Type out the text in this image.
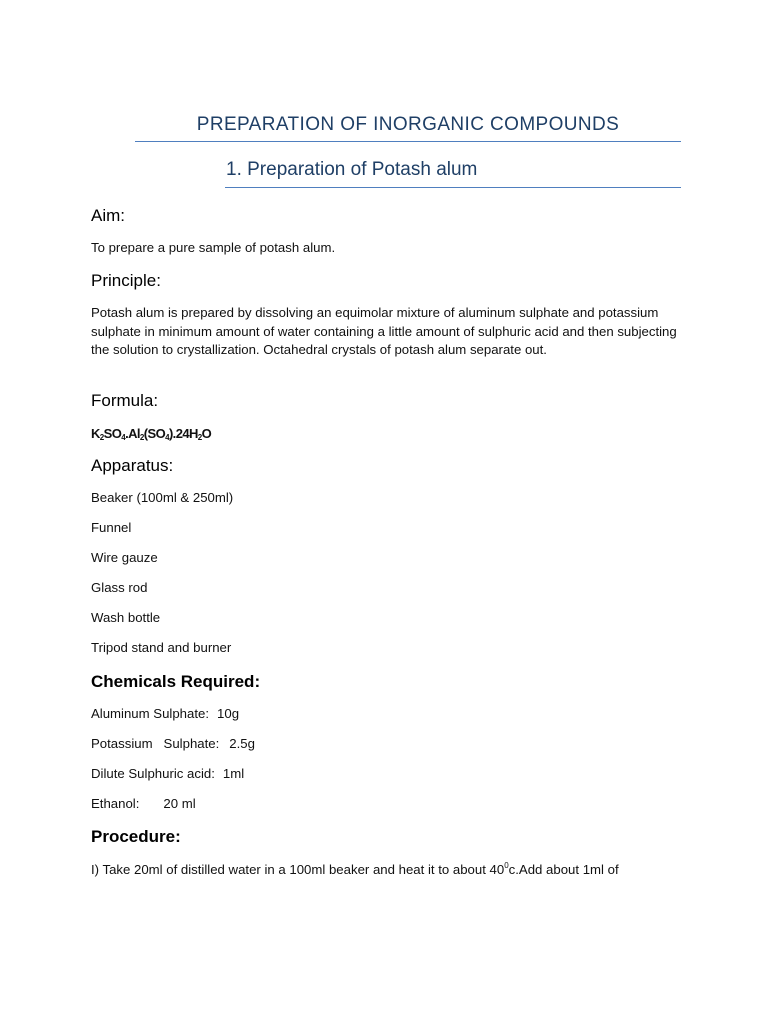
PREPARATION OF INORGANIC COMPOUNDS
1. Preparation of Potash alum
Aim:
To prepare a pure sample of potash alum.
Principle:
Potash alum is prepared by dissolving an equimolar mixture of aluminum sulphate and potassium sulphate in minimum amount of water containing a little amount of sulphuric acid and then subjecting the solution to crystallization. Octahedral crystals of potash alum separate out.
Formula:
$K_2SO_4.Al_2(SO_4).24H_2O$
Apparatus:
Beaker (100ml & 250ml)
Funnel
Wire gauze
Glass rod
Wash bottle
Tripod stand and burner
Chemicals Required:
Aluminum Sulphate: 10g
Potassium   Sulphate: 2.5g
Dilute Sulphuric acid: 1ml
Ethanol: 20 ml
Procedure:
I) Take 20ml of distilled water in a 100ml beaker and heat it to about $40^0c.Add$ about 1ml of
